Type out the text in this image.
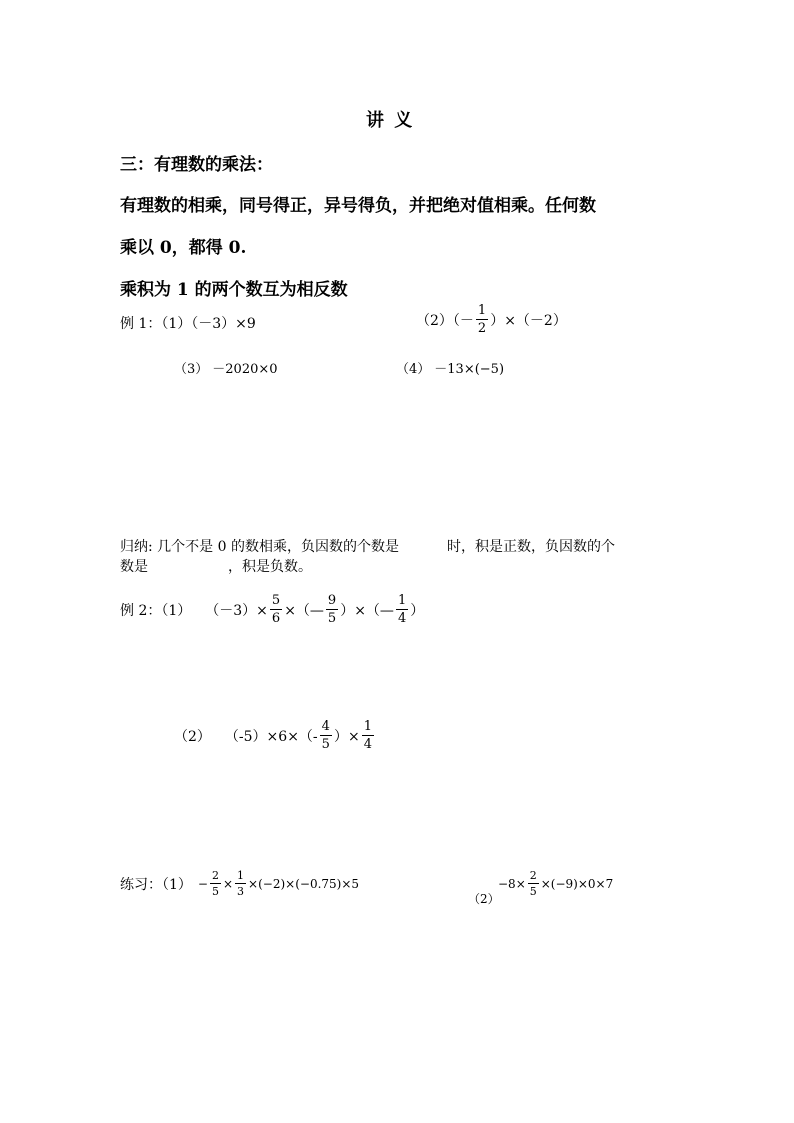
讲 义
三：有理数的乘法：
有理数的相乘，同号得正，异号得负，并把绝对值相乘。任何数
乘以 0，都得 0.
乘积为 1 的两个数互为相反数
例 1：（1）（－3）×9	$(2)(- \frac{1}{2} )\times(-2)$
（3） －2020×0	（4） －13×(−5)
归纳: 几个不是 0 的数相乘，负因数的个数是	时，积是正数，负因数的个
数是	，积是负数。
例 2：（1） $(-3)\times \frac{5}{6}$ ×（— $\frac{9}{5}$ ）×（— $\frac{1}{4}$ ）
（2） $(-5)\times 6\times(- \frac{4}{5}$ ）× $\frac{1}{4}$
练习：$(1) - \frac{2}{5} \times \frac{1}{3} \times(-2)\times(-0.75)\times 5$
（2）
$-8\times \frac{2}{5} \times(-9)\times 0\times 7$
